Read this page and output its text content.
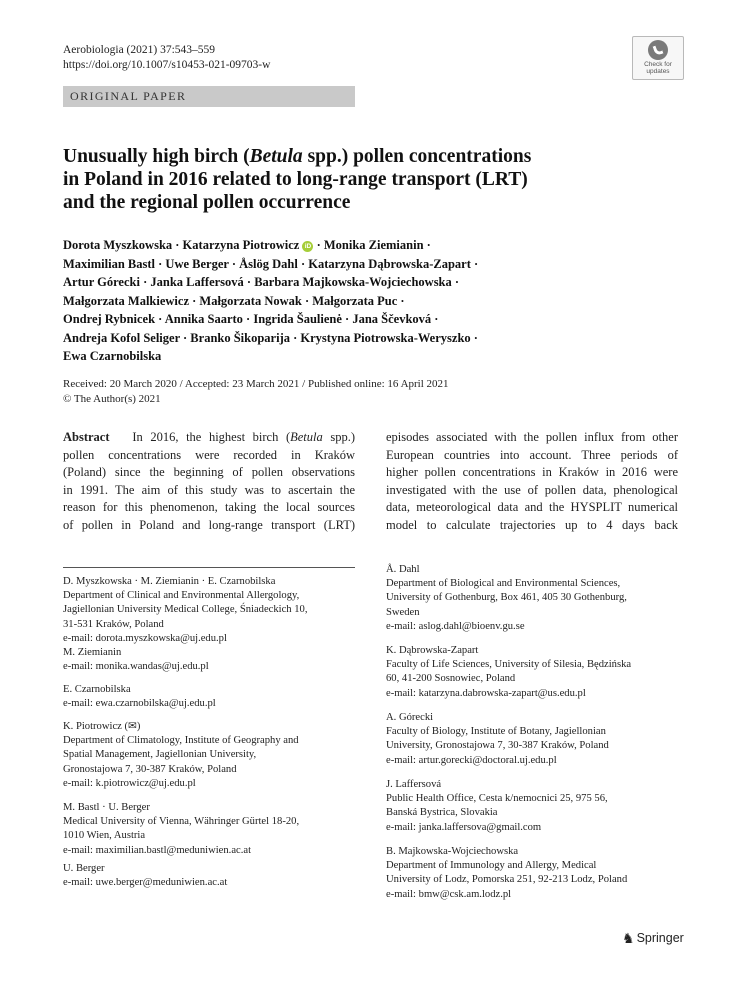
Aerobiologia (2021) 37:543–559
https://doi.org/10.1007/s10453-021-09703-w	Check for
updates
ORIGINAL PAPER
Unusually high birch (Betula spp.) pollen concentrations
in Poland in 2016 related to long-range transport (LRT)
and the regional pollen occurrence
Dorota Myszkowska · Katarzyna Piotrowicz iD · Monika Ziemianin ·
Maximilian Bastl · Uwe Berger · Åslög Dahl · Katarzyna Dąbrowska-Zapart ·
Artur Górecki · Janka Laffersová · Barbara Majkowska-Wojciechowska ·
Małgorzata Malkiewicz · Małgorzata Nowak · Małgorzata Puc ·
Ondrej Rybnicek · Annika Saarto · Ingrida Šaulienė · Jana Ščevková ·
Andreja Kofol Seliger · Branko Šikoparija · Krystyna Piotrowska-Weryszko ·
Ewa Czarnobilska
Received: 20 March 2020 / Accepted: 23 March 2021 / Published online: 16 April 2021
© The Author(s) 2021

Abstract In 2016, the highest birch (Betula spp.)

pollen concentrations were recorded in Kraków

(Poland) since the beginning of pollen observations

in 1991. The aim of this study was to ascertain the

reason for this phenomenon, taking the local sources

of pollen in Poland and long-range transport (LRT)

episodes associated with the pollen influx from other

European countries into account. Three periods of

higher pollen concentrations in Kraków in 2016 were

investigated with the use of pollen data, phenological

data, meteorological data and the HYSPLIT numerical

model to calculate trajectories up to 4 days back

D. Myszkowska · M. Ziemianin · E. Czarnobilska

Department of Clinical and Environmental Allergology,

Jagiellonian University Medical College, Śniadeckich 10,

31-531 Kraków, Poland

e-mail: dorota.myszkowska@uj.edu.pl

M. Ziemianin

e-mail: monika.wandas@uj.edu.pl

E. Czarnobilska

e-mail: ewa.czarnobilska@uj.edu.pl

K. Piotrowicz (✉)

Department of Climatology, Institute of Geography and

Spatial Management, Jagiellonian University,

Gronostajowa 7, 30-387 Kraków, Poland

e-mail: k.piotrowicz@uj.edu.pl

M. Bastl · U. Berger

Medical University of Vienna, Währinger Gürtel 18-20,

1010 Wien, Austria

e-mail: maximilian.bastl@meduniwien.ac.at

U. Berger

e-mail: uwe.berger@meduniwien.ac.at

Å. Dahl

Department of Biological and Environmental Sciences,

University of Gothenburg, Box 461, 405 30 Gothenburg,

Sweden

e-mail: aslog.dahl@bioenv.gu.se

K. Dąbrowska-Zapart

Faculty of Life Sciences, University of Silesia, Będzińska

60, 41-200 Sosnowiec, Poland

e-mail: katarzyna.dabrowska-zapart@us.edu.pl

A. Górecki

Faculty of Biology, Institute of Botany, Jagiellonian

University, Gronostajowa 7, 30-387 Kraków, Poland

e-mail: artur.gorecki@doctoral.uj.edu.pl

J. Laffersová

Public Health Office, Cesta k/nemocnici 25, 975 56,

Banská Bystrica, Slovakia

e-mail: janka.laffersova@gmail.com

B. Majkowska-Wojciechowska

Department of Immunology and Allergy, Medical

University of Lodz, Pomorska 251, 92-213 Lodz, Poland

e-mail: bmw@csk.am.lodz.pl

♞ Springer
